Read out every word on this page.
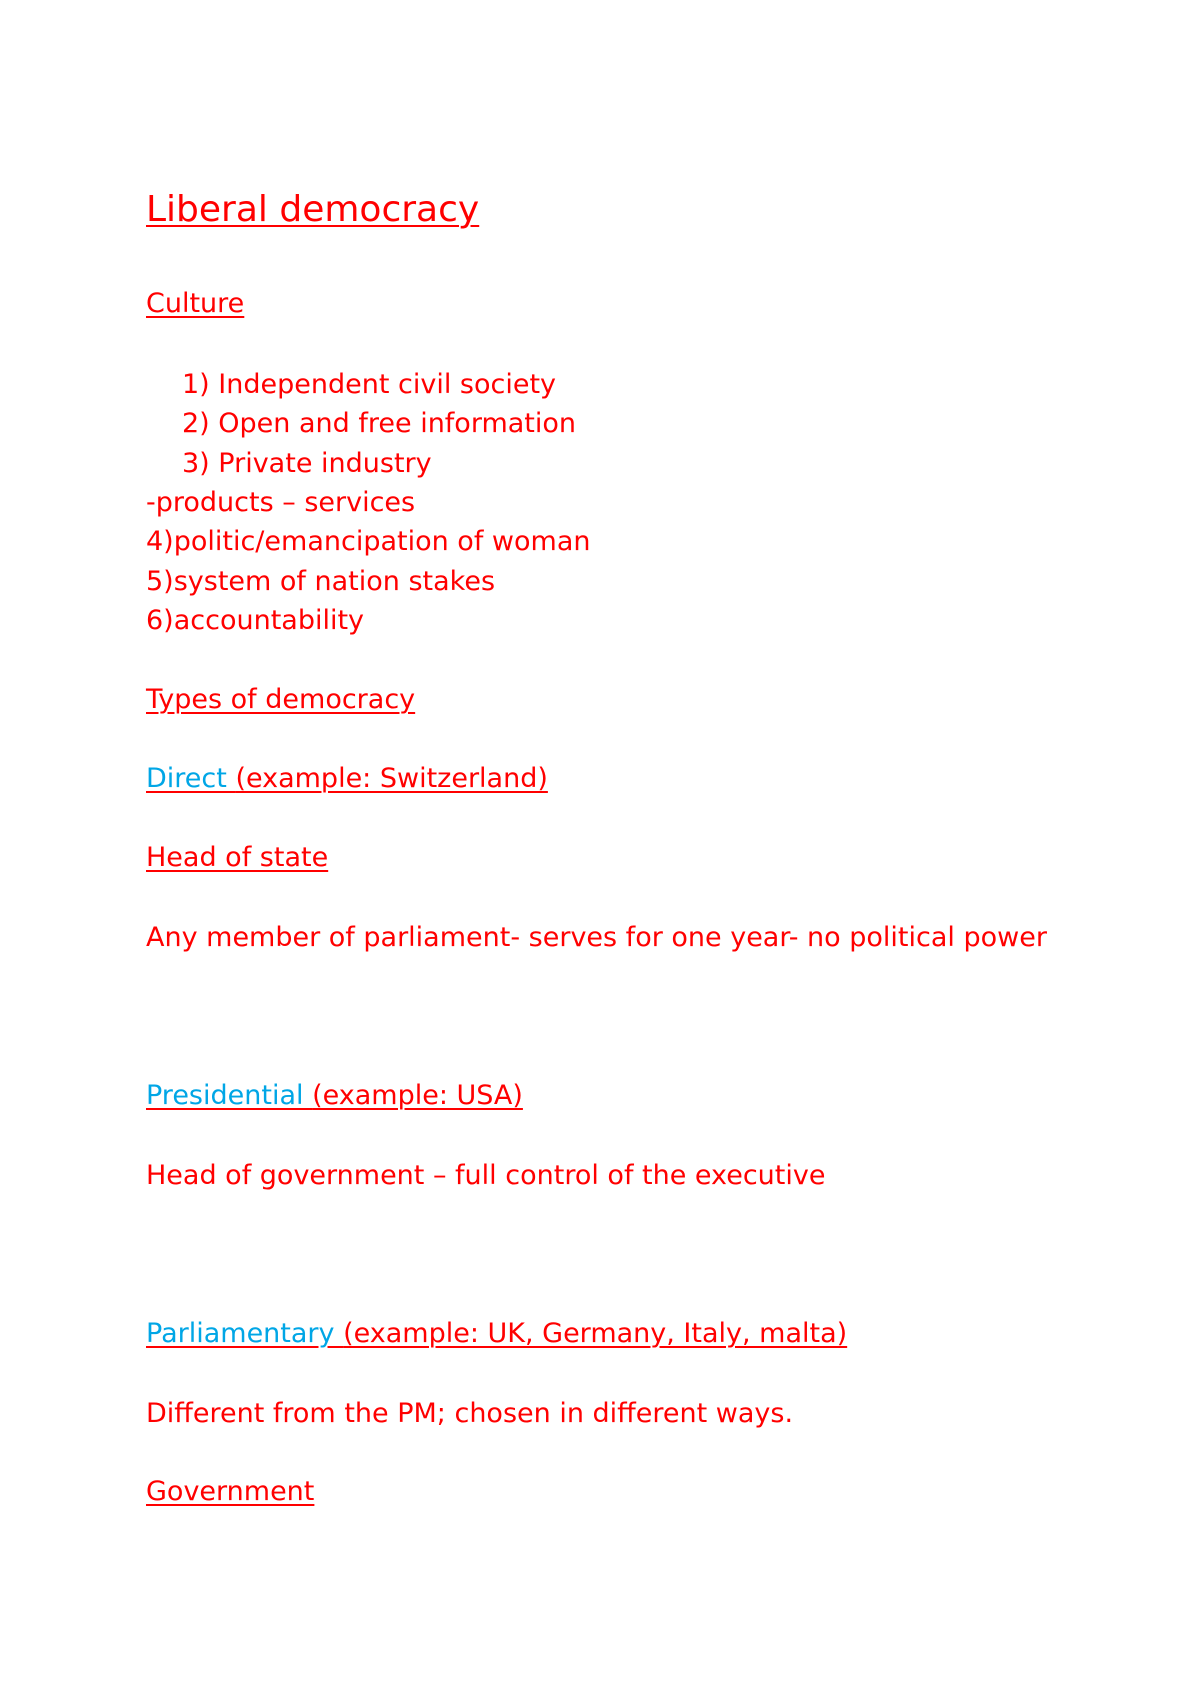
Liberal democracy
Culture
1) Independent civil society
2) Open and free information
3) Private industry
-products – services
4)politic/emancipation of woman
5)system of nation stakes
6)accountability
Types of democracy
Direct (example: Switzerland)
Head of state
Any member of parliament- serves for one year- no political power
Presidential (example: USA)
Head of government – full control of the executive
Parliamentary (example: UK, Germany, Italy, malta)
Different from the PM; chosen in different ways.
Government
